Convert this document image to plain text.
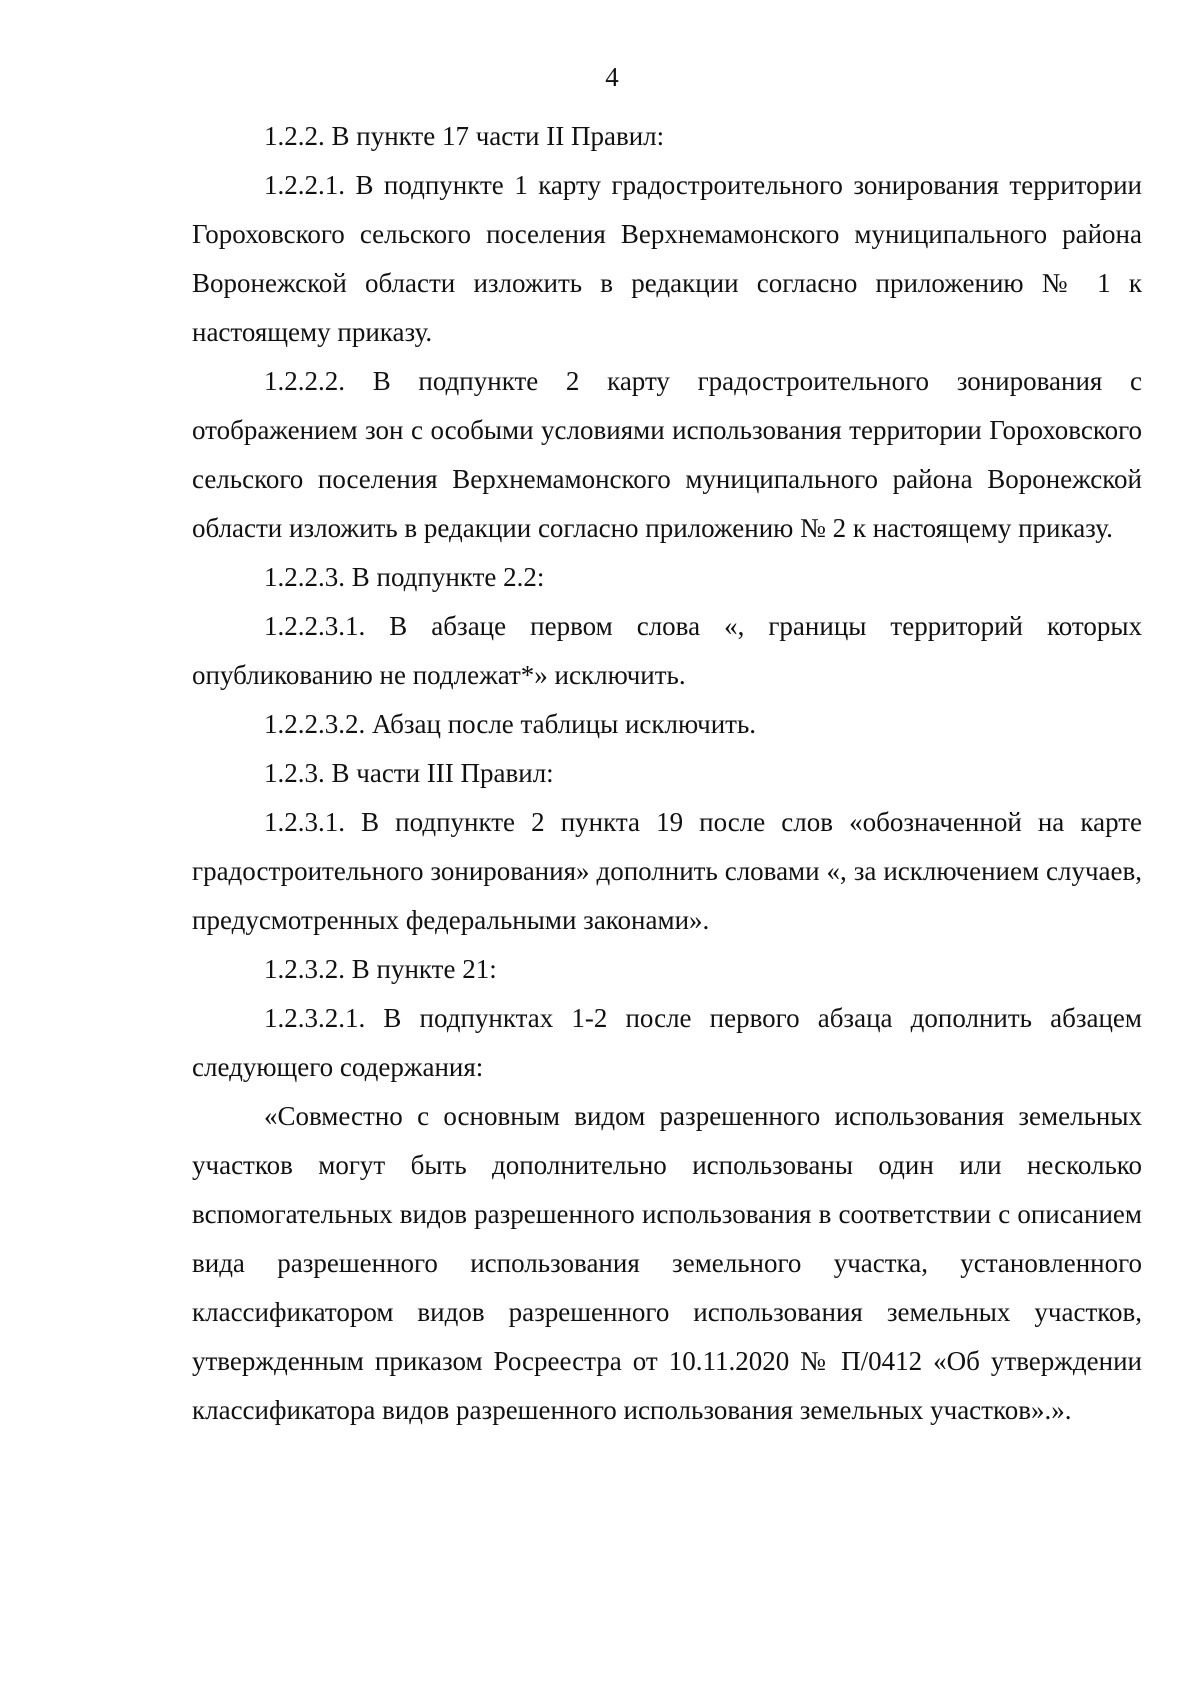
4

1.2.2. В пункте 17 части II Правил:

1.2.2.1. В подпункте 1 карту градостроительного зонирования территории Гороховского сельского поселения Верхнемамонского муниципального района Воронежской области изложить в редакции согласно приложению № 1 к настоящему приказу.

1.2.2.2. В подпункте 2 карту градостроительного зонирования с отображением зон с особыми условиями использования территории Гороховского сельского поселения Верхнемамонского муниципального района Воронежской области изложить в редакции согласно приложению № 2 к настоящему приказу.

1.2.2.3. В подпункте 2.2:

1.2.2.3.1. В абзаце первом слова «, границы территорий которых опубликованию не подлежат*» исключить.

1.2.2.3.2. Абзац после таблицы исключить.

1.2.3. В части III Правил:

1.2.3.1. В подпункте 2 пункта 19 после слов «обозначенной на карте градостроительного зонирования» дополнить словами «, за исключением случаев, предусмотренных федеральными законами».

1.2.3.2. В пункте 21:

1.2.3.2.1. В подпунктах 1-2 после первого абзаца дополнить абзацем следующего содержания:

«Совместно с основным видом разрешенного использования земельных участков могут быть дополнительно использованы один или несколько вспомогательных видов разрешенного использования в соответствии с описанием вида разрешенного использования земельного участка, установленного классификатором видов разрешенного использования земельных участков, утвержденным приказом Росреестра от 10.11.2020 № П/0412 «Об утверждении классификатора видов разрешенного использования земельных участков».».
